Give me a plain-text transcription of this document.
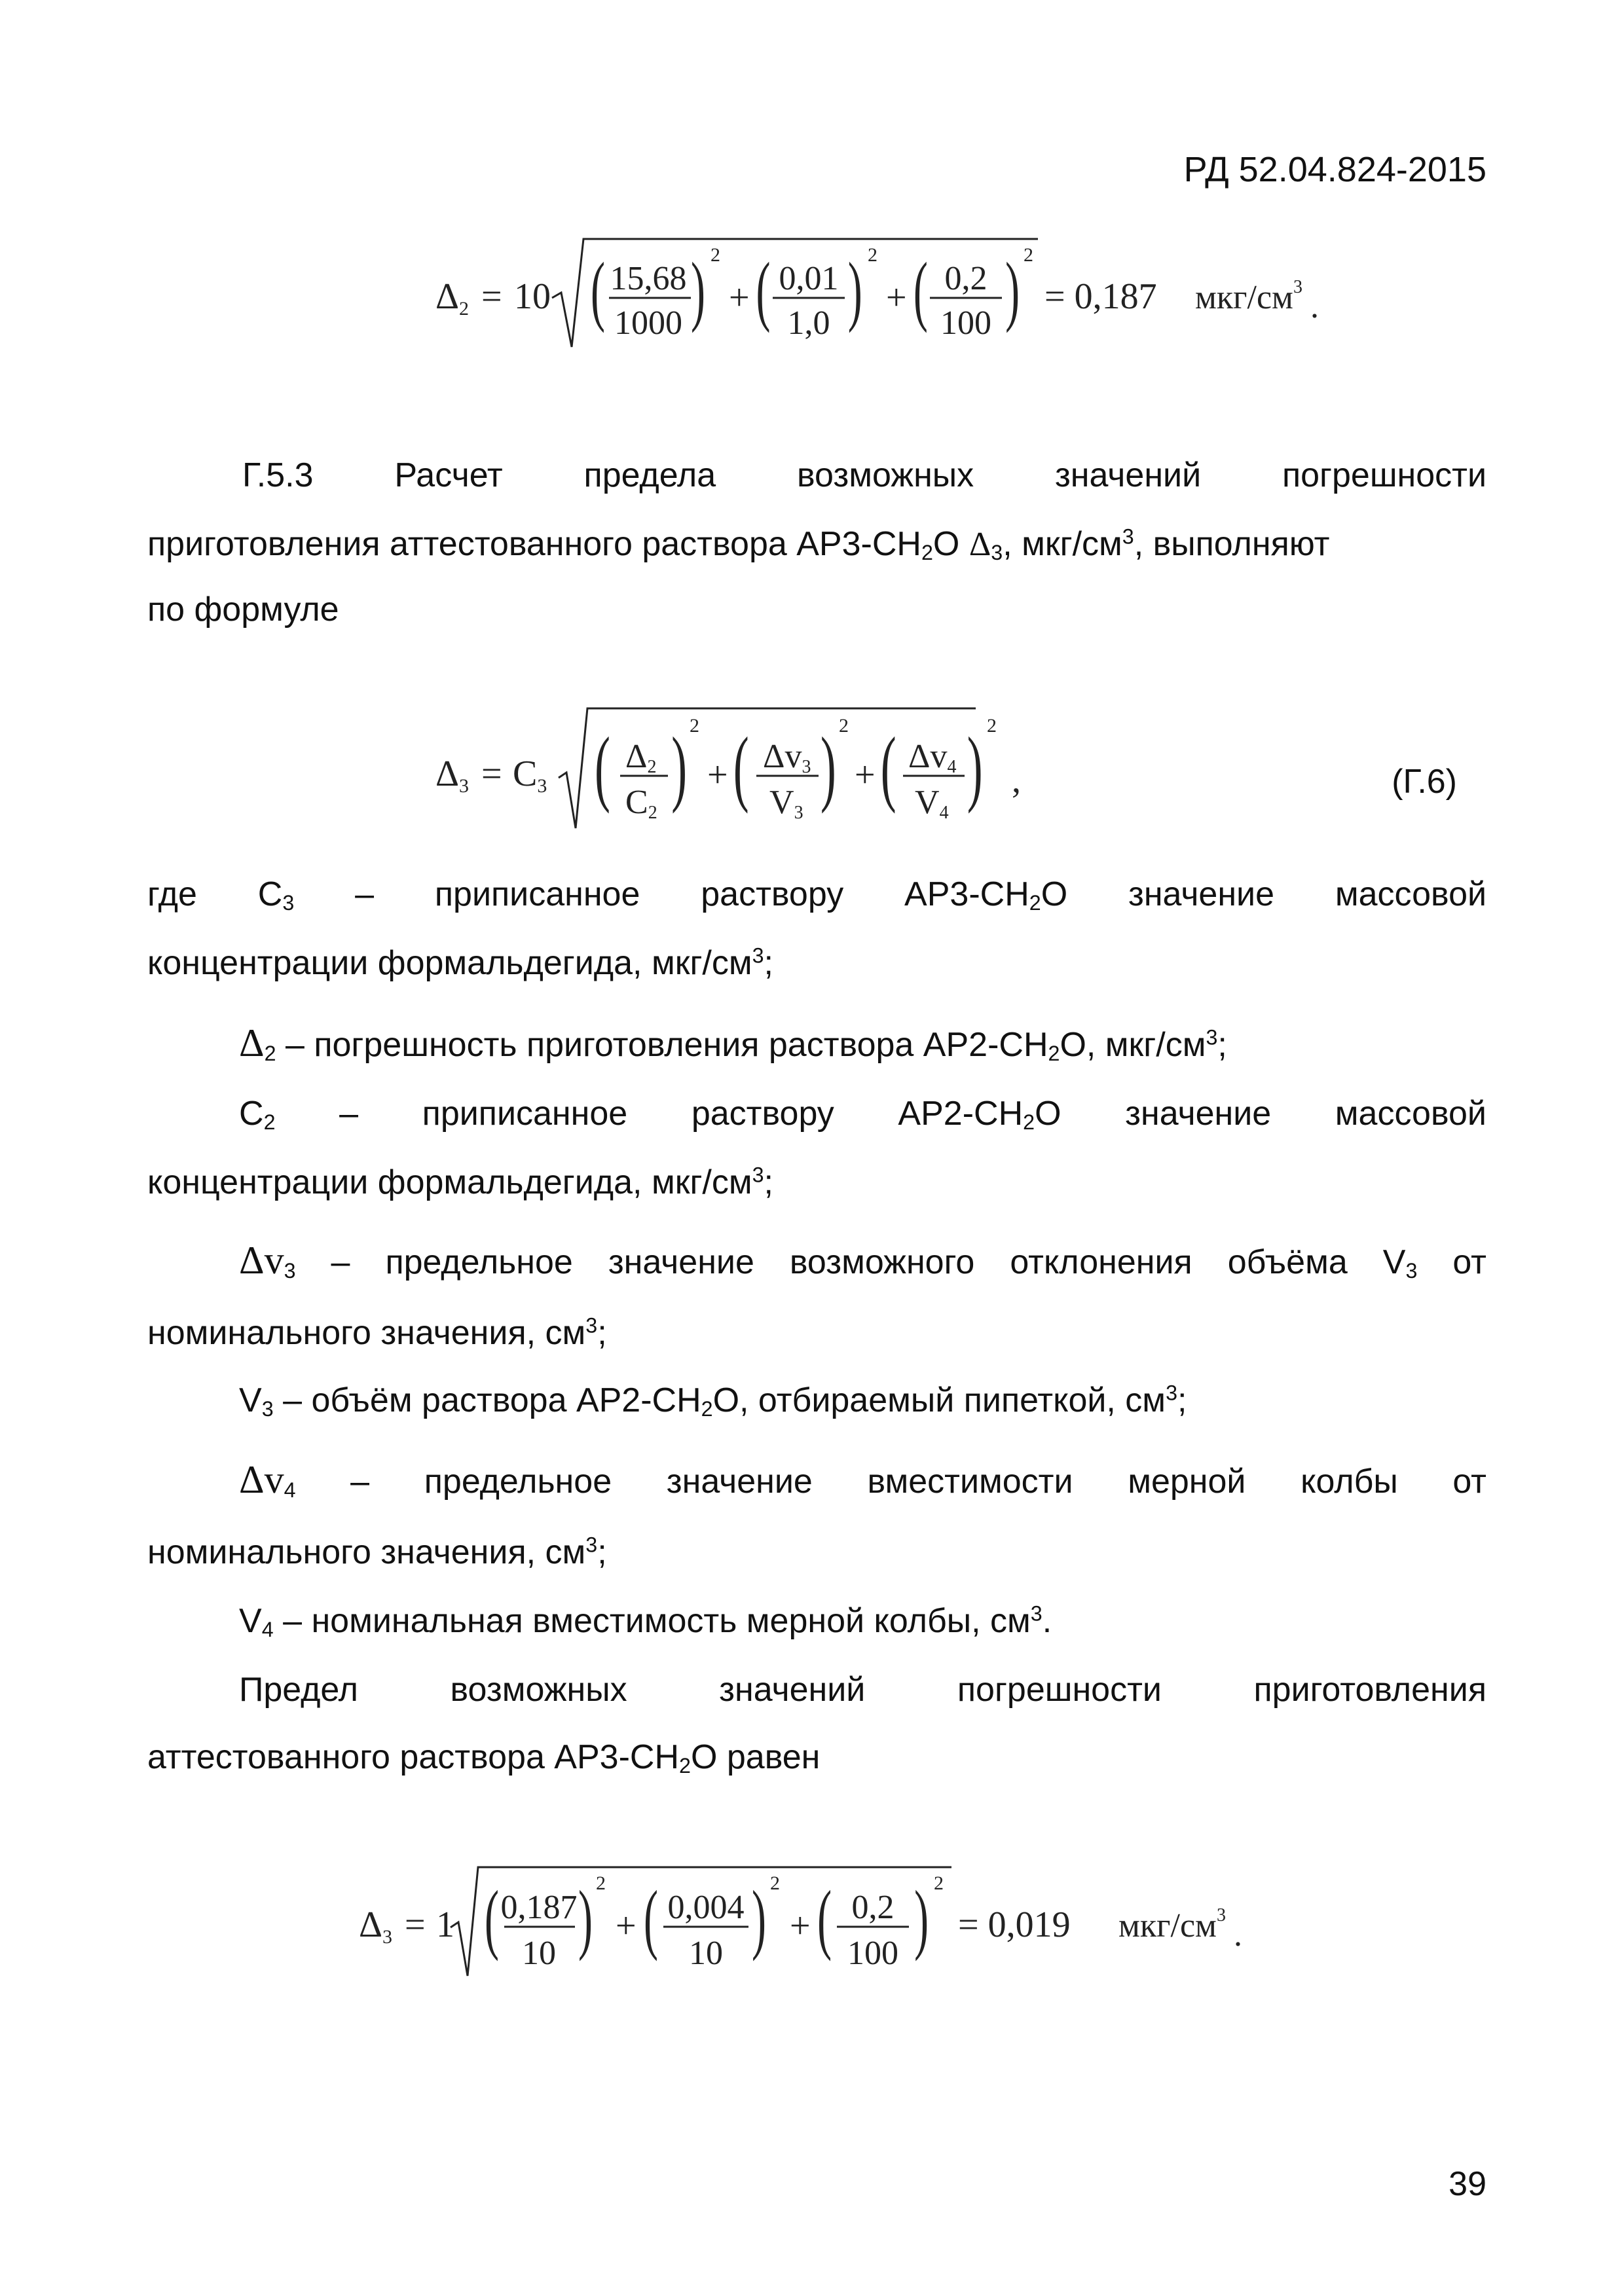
РД 52.04.824-2015
Δ2 = 10 ( 15,68
1000 ) 2
+ ( 0,01
1,0 ) 2
+ ( 0,2
100 ) 2
= 0,187 мкг/$см^3$.
Г.5.3 Расчет предела возможных значений погрешности
приготовления аттестованного раствора $АР3-СН_2О$ $\Delta_3$, мкг/$см^3$, выполняют
по формуле
Δ3 = C3 ( Δ2
C2 ) 2
+ ( Δv3
V3 ) 2
+ ( Δv4
V4 ) 2
,	(Г.6)
где $С_3$ – приписанное раствору $АР3-СН_2О$ значение массовой
концентрации формальдегида, мкг/$см^3$;
$\Delta_2$ – погрешность приготовления раствора $АР2-СН_2О$, мкг/$см^3$;
$С_2$ – приписанное раствору $АР2-СН_2О$ значение массовой
концентрации формальдегида, мкг/$см^3$;
$\Delta v_3$ – предельное значение возможного отклонения объёма $V_3$ от
номинального значения, $см^3$;
$V_3$ – объём раствора $АР2-СН_2О$, отбираемый пипеткой, $см^3$;
$\Delta v_4$ – предельное значение вместимости мерной колбы от
номинального значения, $см^3$;
$V_4$ – номинальная вместимость мерной колбы, $см^3$.
Предел	возможных	значений	погрешности	приготовления
аттестованного раствора $АР3-СН_2О$ равен
Δ3 = 1 ( 0,187
10 ) 2
+ ( 0,004
10 ) 2
+ ( 0,2
100 ) 2
= 0,019 мкг/$см^3$.
39
